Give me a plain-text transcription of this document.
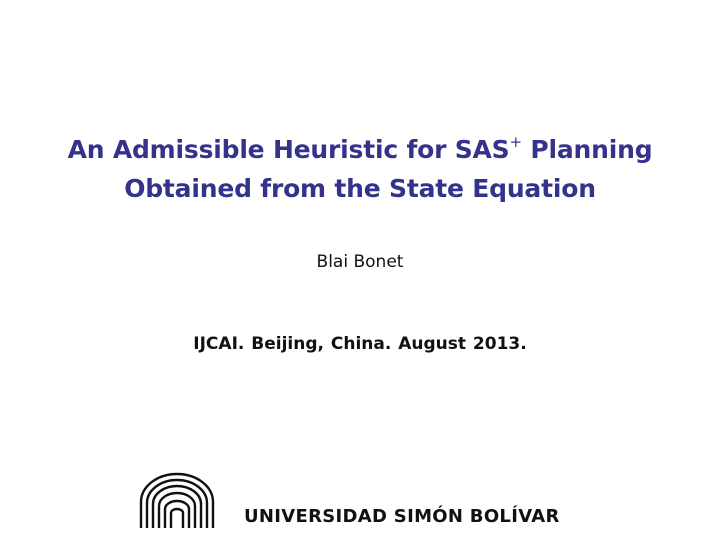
An Admissible Heuristic for SAS+ Planning
Obtained from the State Equation
Blai Bonet
IJCAI. Beijing, China. August 2013.
UNIVERSIDAD SIMÓN BOLÍVAR
